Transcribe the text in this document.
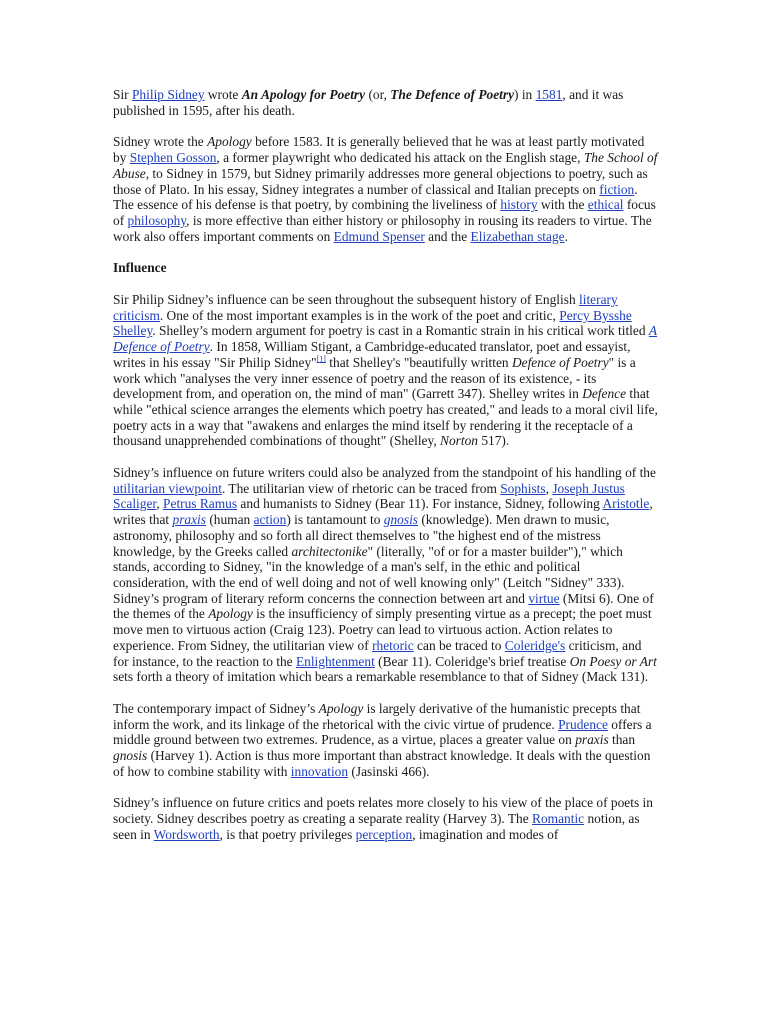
Sir Philip Sidney wrote An Apology for Poetry (or, The Defence of Poetry) in 1581, and it was published in 1595, after his death.

Sidney wrote the Apology before 1583. It is generally believed that he was at least partly motivated by Stephen Gosson, a former playwright who dedicated his attack on the English stage, The School of Abuse, to Sidney in 1579, but Sidney primarily addresses more general objections to poetry, such as those of Plato. In his essay, Sidney integrates a number of classical and Italian precepts on fiction. The essence of his defense is that poetry, by combining the liveliness of history with the ethical focus of philosophy, is more effective than either history or philosophy in rousing its readers to virtue. The work also offers important comments on Edmund Spenser and the Elizabethan stage.

Influence

Sir Philip Sidney’s influence can be seen throughout the subsequent history of English literary criticism. One of the most important examples is in the work of the poet and critic, Percy Bysshe Shelley. Shelley’s modern argument for poetry is cast in a Romantic strain in his critical work titled A Defence of Poetry. In 1858, William Stigant, a Cambridge-educated translator, poet and essayist, writes in his essay "Sir Philip Sidney"[1] that Shelley's "beautifully written Defence of Poetry" is a work which "analyses the very inner essence of poetry and the reason of its existence, - its development from, and operation on, the mind of man" (Garrett 347). Shelley writes in Defence that while "ethical science arranges the elements which poetry has created," and leads to a moral civil life, poetry acts in a way that "awakens and enlarges the mind itself by rendering it the receptacle of a thousand unapprehended combinations of thought" (Shelley, Norton 517).

Sidney’s influence on future writers could also be analyzed from the standpoint of his handling of the utilitarian viewpoint. The utilitarian view of rhetoric can be traced from Sophists, Joseph Justus Scaliger, Petrus Ramus and humanists to Sidney (Bear 11). For instance, Sidney, following Aristotle, writes that praxis (human action) is tantamount to gnosis (knowledge). Men drawn to music, astronomy, philosophy and so forth all direct themselves to "the highest end of the mistress knowledge, by the Greeks called architectonike" (literally, "of or for a master builder")," which stands, according to Sidney, "in the knowledge of a man's self, in the ethic and political consideration, with the end of well doing and not of well knowing only" (Leitch "Sidney" 333). Sidney’s program of literary reform concerns the connection between art and virtue (Mitsi 6). One of the themes of the Apology is the insufficiency of simply presenting virtue as a precept; the poet must move men to virtuous action (Craig 123). Poetry can lead to virtuous action. Action relates to experience. From Sidney, the utilitarian view of rhetoric can be traced to Coleridge's criticism, and for instance, to the reaction to the Enlightenment (Bear 11). Coleridge's brief treatise On Poesy or Art sets forth a theory of imitation which bears a remarkable resemblance to that of Sidney (Mack 131).

The contemporary impact of Sidney’s Apology is largely derivative of the humanistic precepts that inform the work, and its linkage of the rhetorical with the civic virtue of prudence. Prudence offers a middle ground between two extremes. Prudence, as a virtue, places a greater value on praxis than gnosis (Harvey 1). Action is thus more important than abstract knowledge. It deals with the question of how to combine stability with innovation (Jasinski 466).

Sidney’s influence on future critics and poets relates more closely to his view of the place of poets in society. Sidney describes poetry as creating a separate reality (Harvey 3). The Romantic notion, as seen in Wordsworth, is that poetry privileges perception, imagination and modes of
